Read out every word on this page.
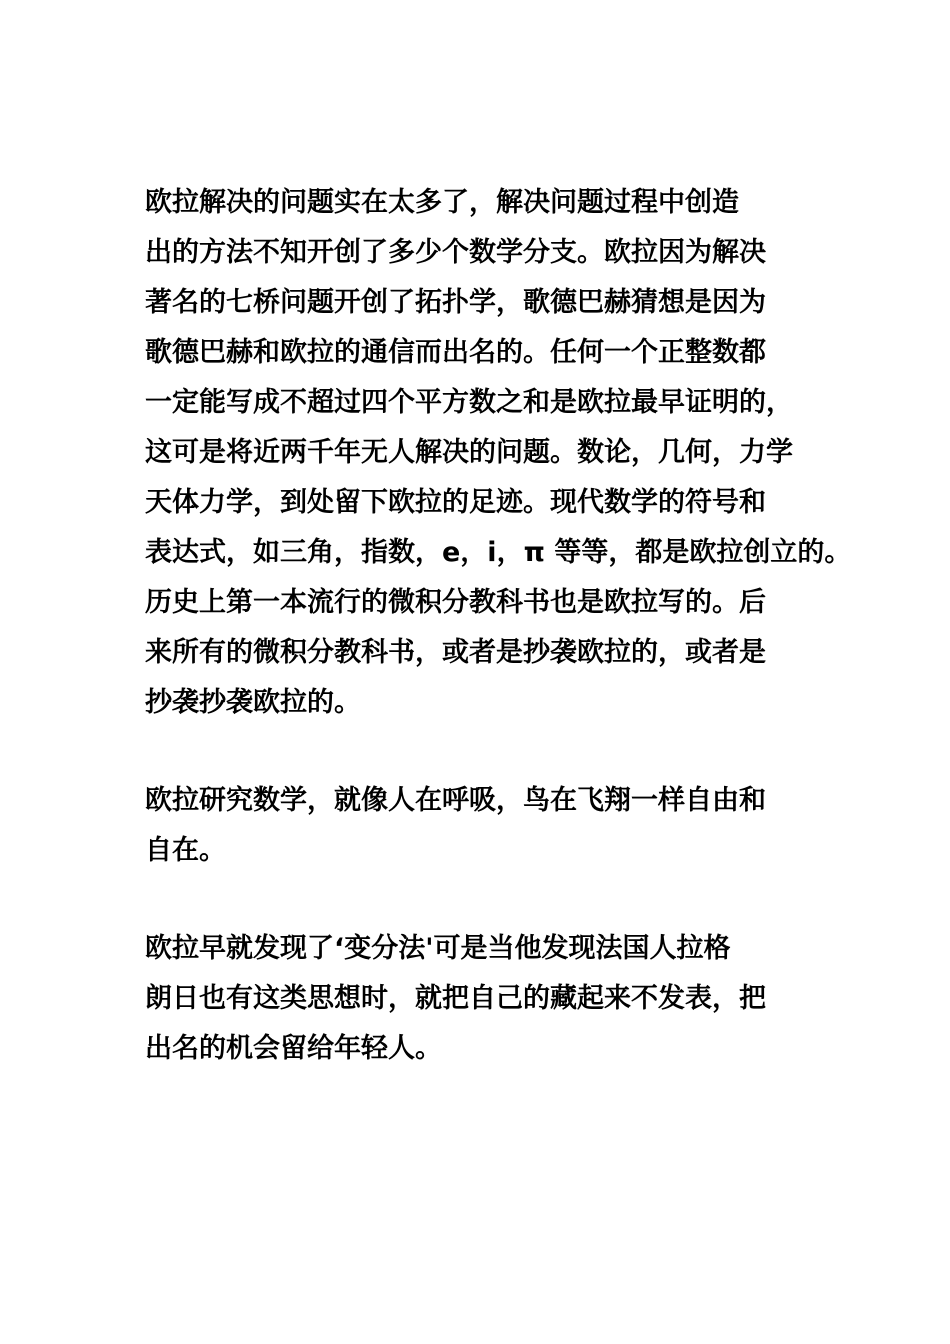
欧拉解决的问题实在太多了，解决问题过程中创造
出的方法不知开创了多少个数学分支。欧拉因为解决
著名的七桥问题开创了拓扑学，歌德巴赫猜想是因为
歌德巴赫和欧拉的通信而出名的。任何一个正整数都
一定能写成不超过四个平方数之和是欧拉最早证明的，
这可是将近两千年无人解决的问题。数论，几何，力学
天体力学，到处留下欧拉的足迹。现代数学的符号和
表达式，如三角，指数，e，i，π 等等，都是欧拉创立的。
历史上第一本流行的微积分教科书也是欧拉写的。后
来所有的微积分教科书，或者是抄袭欧拉的，或者是
抄袭抄袭欧拉的。
欧拉研究数学，就像人在呼吸，鸟在飞翔一样自由和
自在。
欧拉早就发现了‘变分法'可是当他发现法国人拉格
朗日也有这类思想时，就把自己的藏起来不发表，把
出名的机会留给年轻人。
